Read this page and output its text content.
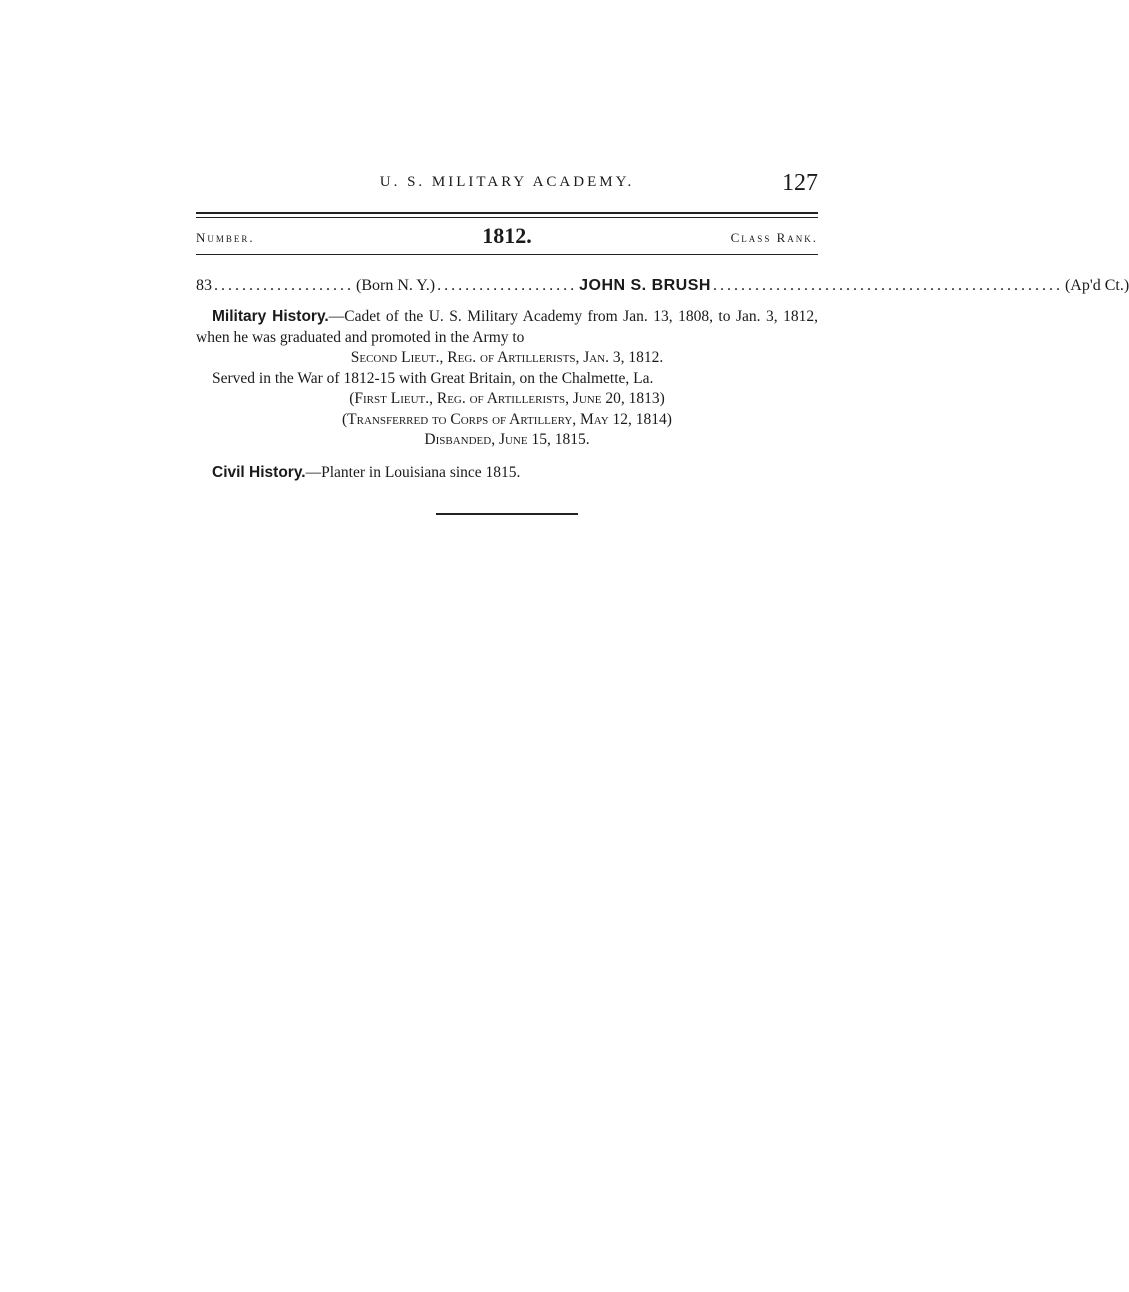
U. S. MILITARY ACADEMY.	127
Number.	1812.	Class Rank.
83 .................... (Born N. Y.) .................... JOHN S. BRUSH .................................................. (Ap'd Ct.)

Military History.—Cadet of the U. S. Military Academy from Jan. 13, 1808, to Jan. 3, 1812, when he was graduated and promoted in the Army to

Second Lieut., Reg. of Artillerists, Jan. 3, 1812.

Served in the War of 1812-15 with Great Britain, on the Chalmette, La.

(First Lieut., Reg. of Artillerists, June 20, 1813)

(Transferred to Corps of Artillery, May 12, 1814)

Disbanded, June 15, 1815.

Civil History.—Planter in Louisiana since 1815.
